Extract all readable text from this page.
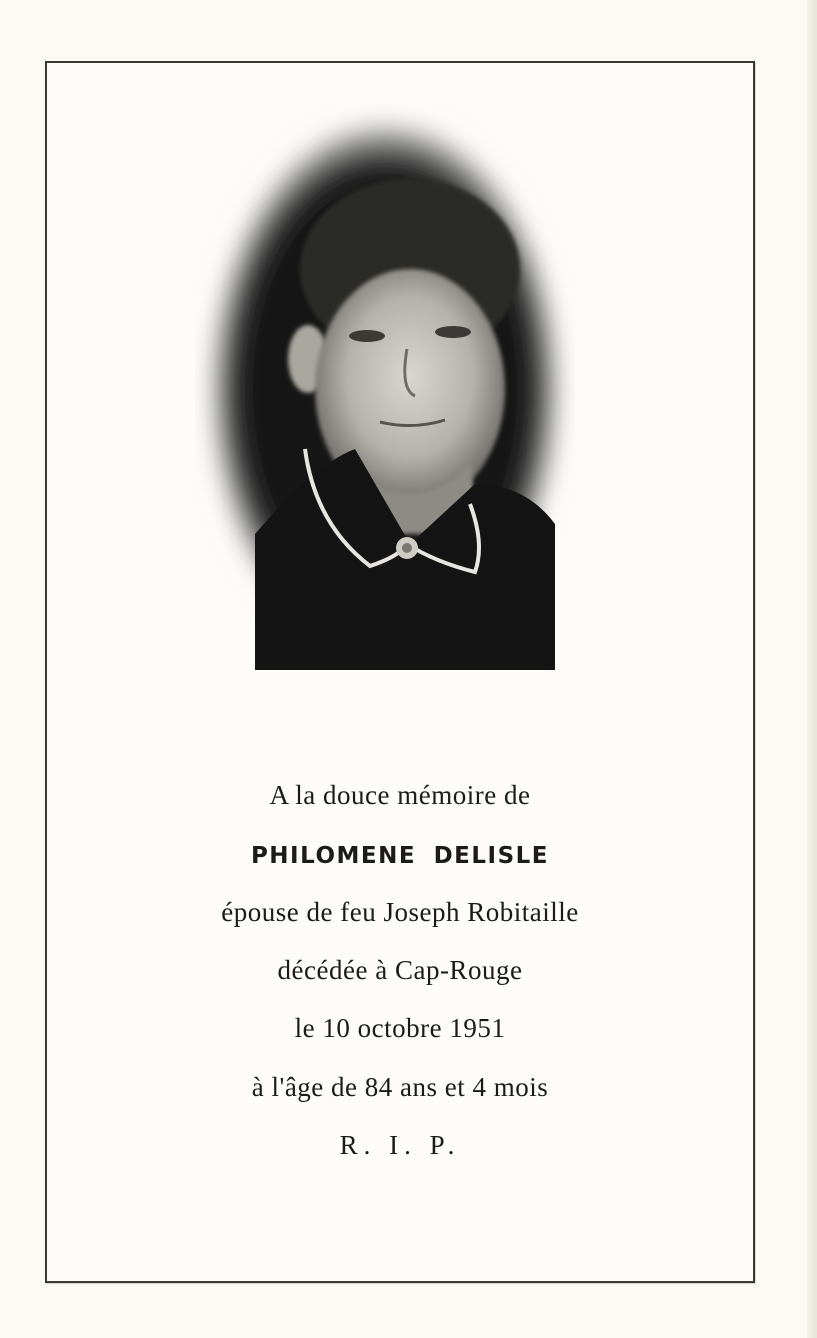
A la douce mémoire de
PHILOMENE DELISLE
épouse de feu Joseph Robitaille
décédée à Cap-Rouge
le 10 octobre 1951
à l'âge de 84 ans et 4 mois
R. I. P.
